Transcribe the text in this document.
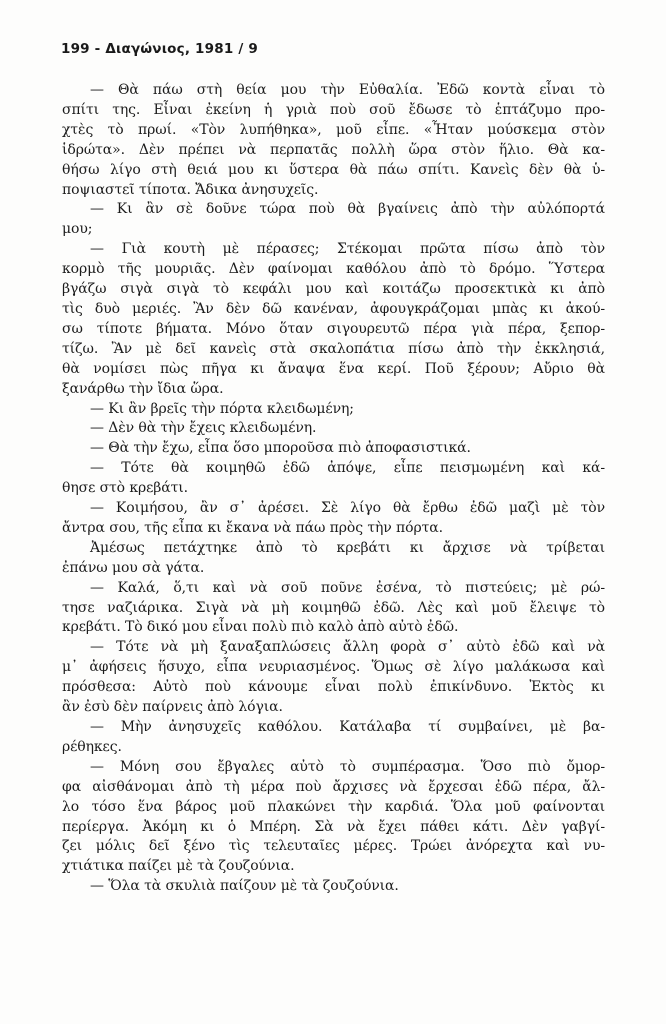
199 - Διαγώνιος, 1981 / 9
— Θὰ πάω στὴ θεία μου τὴν Εὐθαλία. Ἐδῶ κοντὰ εἶναι τὸ
σπίτι της. Εἶναι ἐκείνη ἡ γριὰ ποὺ σοῦ ἔδωσε τὸ ἑπτάζυμο προ-
χτὲς τὸ πρωί. «Τὸν λυπήθηκα», μοῦ εἶπε. «Ἦταν μούσκεμα στὸν
ἱδρώτα». Δὲν πρέπει νὰ περπατᾶς πολλὴ ὥρα στὸν ἥλιο. Θὰ κα-
θήσω λίγο στὴ θειά μου κι ὕστερα θὰ πάω σπίτι. Κανεὶς δὲν θὰ ὑ-
ποψιαστεῖ τίποτα. Ἄδικα ἀνησυχεῖς.
— Κι ἂν σὲ δοῦνε τώρα ποὺ θὰ βγαίνεις ἀπὸ τὴν αὐλόπορτά
μου;
— Γιὰ κουτὴ μὲ πέρασες; Στέκομαι πρῶτα πίσω ἀπὸ τὸν
κορμὸ τῆς μουριᾶς. Δὲν φαίνομαι καθόλου ἀπὸ τὸ δρόμο. Ὕστερα
βγάζω σιγὰ σιγὰ τὸ κεφάλι μου καὶ κοιτάζω προσεκτικὰ κι ἀπὸ
τὶς δυὸ μεριές. Ἂν δὲν δῶ κανέναν, ἀφουγκράζομαι μπὰς κι ἀκού-
σω τίποτε βήματα. Μόνο ὅταν σιγουρευτῶ πέρα γιὰ πέρα, ξεπορ-
τίζω. Ἂν μὲ δεῖ κανεὶς στὰ σκαλοπάτια πίσω ἀπὸ τὴν ἐκκλησιά,
θὰ νομίσει πὼς πῆγα κι ἄναψα ἕνα κερί. Ποῦ ξέρουν; Αὔριο θὰ
ξανάρθω τὴν ἴδια ὥρα.
— Κι ἂν βρεῖς τὴν πόρτα κλειδωμένη;
— Δὲν θὰ τὴν ἔχεις κλειδωμένη.
— Θὰ τὴν ἔχω, εἶπα ὅσο μποροῦσα πιὸ ἀποφασιστικά.
— Τότε θὰ κοιμηθῶ ἐδῶ ἀπόψε, εἶπε πεισμωμένη καὶ κά-
θησε στὸ κρεβάτι.
— Κοιμήσου, ἂν σ᾽ ἀρέσει. Σὲ λίγο θὰ ἔρθω ἐδῶ μαζὶ μὲ τὸν
ἄντρα σου, τῆς εἶπα κι ἔκανα νὰ πάω πρὸς τὴν πόρτα.
Ἀμέσως πετάχτηκε ἀπὸ τὸ κρεβάτι κι ἄρχισε νὰ τρίβεται
ἐπάνω μου σὰ γάτα.
— Καλά, ὅ,τι καὶ νὰ σοῦ ποῦνε ἐσένα, τὸ πιστεύεις; μὲ ρώ-
τησε ναζιάρικα. Σιγὰ νὰ μὴ κοιμηθῶ ἐδῶ. Λὲς καὶ μοῦ ἔλειψε τὸ
κρεβάτι. Τὸ δικό μου εἶναι πολὺ πιὸ καλὸ ἀπὸ αὐτὸ ἐδῶ.
— Τότε νὰ μὴ ξαναξαπλώσεις ἄλλη φορὰ σ᾽ αὐτὸ ἐδῶ καὶ νὰ
μ᾽ ἀφήσεις ἥσυχο, εἶπα νευριασμένος. Ὅμως σὲ λίγο μαλάκωσα καὶ
πρόσθεσα: Αὐτὸ ποὺ κάνουμε εἶναι πολὺ ἐπικίνδυνο. Ἐκτὸς κι
ἂν ἐσὺ δὲν παίρνεις ἀπὸ λόγια.
— Μὴν ἀνησυχεῖς καθόλου. Κατάλαβα τί συμβαίνει, μὲ βα-
ρέθηκες.
— Μόνη σου ἔβγαλες αὐτὸ τὸ συμπέρασμα. Ὅσο πιὸ ὄμορ-
φα αἰσθάνομαι ἀπὸ τὴ μέρα ποὺ ἄρχισες νὰ ἔρχεσαι ἐδῶ πέρα, ἄλ-
λο τόσο ἕνα βάρος μοῦ πλακώνει τὴν καρδιά. Ὅλα μοῦ φαίνονται
περίεργα. Ἀκόμη κι ὁ Μπέρη. Σὰ νὰ ἔχει πάθει κάτι. Δὲν γαβγί-
ζει μόλις δεῖ ξένο τὶς τελευταῖες μέρες. Τρώει ἀνόρεχτα καὶ νυ-
χτιάτικα παίζει μὲ τὰ ζουζούνια.
— Ὅλα τὰ σκυλιὰ παίζουν μὲ τὰ ζουζούνια.
